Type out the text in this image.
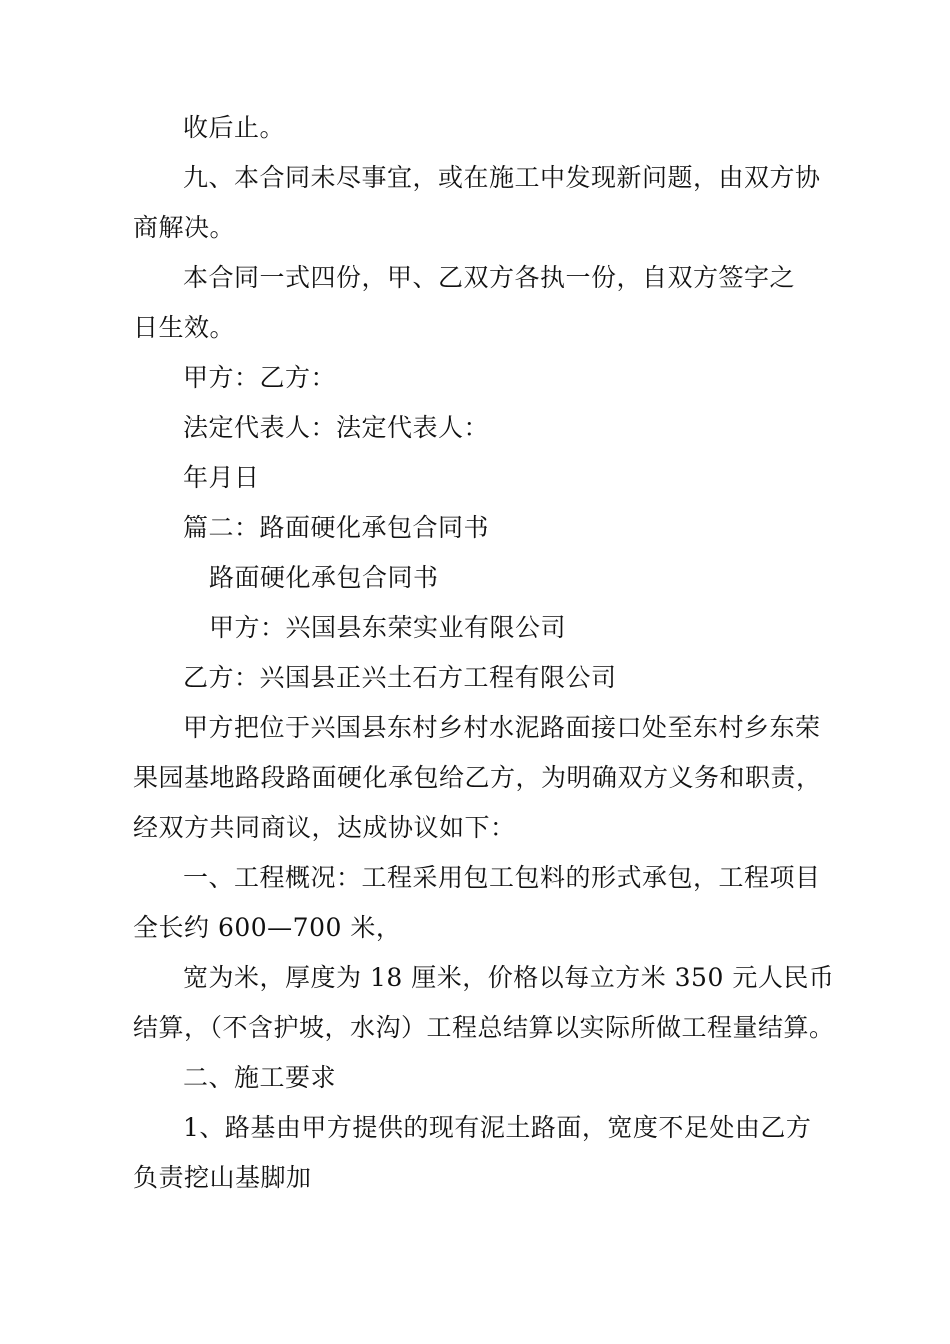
收后止。
九、本合同未尽事宜，或在施工中发现新问题，由双方协
商解决。
本合同一式四份，甲、乙双方各执一份，自双方签字之
日生效。
甲方：乙方：
法定代表人：法定代表人：
年月日
篇二：路面硬化承包合同书
路面硬化承包合同书
甲方：兴国县东荣实业有限公司
乙方：兴国县正兴土石方工程有限公司
甲方把位于兴国县东村乡村水泥路面接口处至东村乡东荣
果园基地路段路面硬化承包给乙方，为明确双方义务和职责，
经双方共同商议，达成协议如下：
一、工程概况：工程采用包工包料的形式承包，工程项目
全长约 600—700 米，
宽为米，厚度为 18 厘米，价格以每立方米 350 元人民币
结算，（不含护坡，水沟）工程总结算以实际所做工程量结算。
二、施工要求
1、路基由甲方提供的现有泥土路面，宽度不足处由乙方
负责挖山基脚加
